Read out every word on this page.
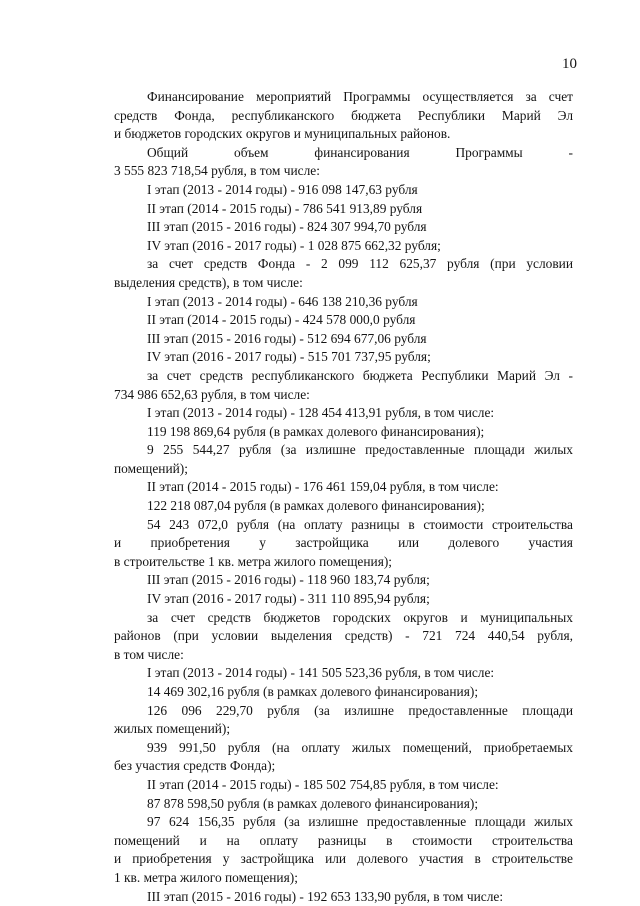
10
Финансирование мероприятий Программы осуществляется за счет
средств Фонда, республиканского бюджета Республики Марий Эл
и бюджетов городских округов и муниципальных районов.
Общий	объем	финансирования	Программы	-
3 555 823 718,54 рубля, в том числе:
I этап (2013 - 2014 годы) - 916 098 147,63 рубля
II этап (2014 - 2015 годы) - 786 541 913,89 рубля
III этап (2015 - 2016 годы) - 824 307 994,70 рубля
IV этап (2016 - 2017 годы) - 1 028 875 662,32 рубля;
за счет средств Фонда - 2 099 112 625,37 рубля (при условии
выделения средств), в том числе:
I этап (2013 - 2014 годы) - 646 138 210,36 рубля
II этап (2014 - 2015 годы) - 424 578 000,0 рубля
III этап (2015 - 2016 годы) - 512 694 677,06 рубля
IV этап (2016 - 2017 годы) - 515 701 737,95 рубля;
за счет средств республиканского бюджета Республики Марий Эл -
734 986 652,63 рубля, в том числе:
I этап (2013 - 2014 годы) - 128 454 413,91 рубля, в том числе:
119 198 869,64 рубля (в рамках долевого финансирования);
9 255 544,27 рубля (за излишне предоставленные площади жилых
помещений);
II этап (2014 - 2015 годы) - 176 461 159,04 рубля, в том числе:
122 218 087,04 рубля (в рамках долевого финансирования);
54 243 072,0 рубля (на оплату разницы в стоимости строительства
и приобретения у застройщика или долевого участия
в строительстве 1 кв. метра жилого помещения);
III этап (2015 - 2016 годы) - 118 960 183,74 рубля;
IV этап (2016 - 2017 годы) - 311 110 895,94 рубля;
за счет средств бюджетов городских округов и муниципальных
районов (при условии выделения средств) - 721 724 440,54 рубля,
в том числе:
I этап (2013 - 2014 годы) - 141 505 523,36 рубля, в том числе:
14 469 302,16 рубля (в рамках долевого финансирования);
126 096 229,70 рубля (за излишне предоставленные площади
жилых помещений);
939 991,50 рубля (на оплату жилых помещений, приобретаемых
без участия средств Фонда);
II этап (2014 - 2015 годы) - 185 502 754,85 рубля, в том числе:
87 878 598,50 рубля (в рамках долевого финансирования);
97 624 156,35 рубля (за излишне предоставленные площади жилых
помещений и на оплату разницы в стоимости строительства
и приобретения у застройщика или долевого участия в строительстве
1 кв. метра жилого помещения);
III этап (2015 - 2016 годы) - 192 653 133,90 рубля, в том числе:
